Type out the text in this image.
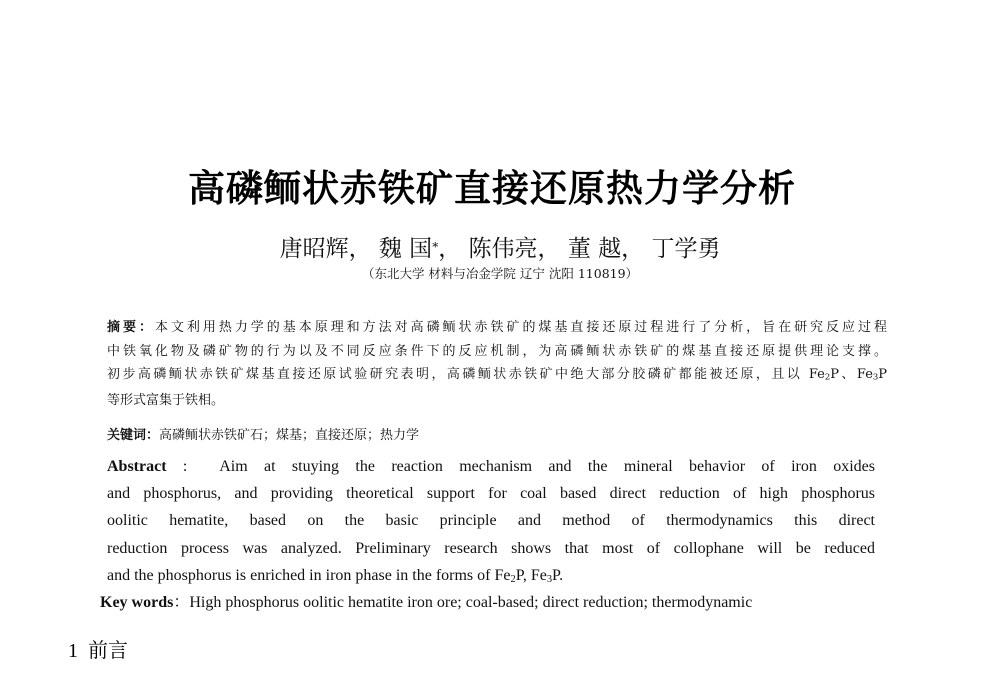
高磷鲕状赤铁矿直接还原热力学分析
唐昭辉， 魏 国*， 陈伟亮， 董 越， 丁学勇
（东北大学 材料与冶金学院 辽宁 沈阳 110819）
摘要：本文利用热力学的基本原理和方法对高磷鲕状赤铁矿的煤基直接还原过程进行了分析，旨在研究反应过程
中铁氧化物及磷矿物的行为以及不同反应条件下的反应机制，为高磷鲕状赤铁矿的煤基直接还原提供理论支撑。
初步高磷鲕状赤铁矿煤基直接还原试验研究表明，高磷鲕状赤铁矿中绝大部分胶磷矿都能被还原，且以 $Fe_2P$、$Fe_3P$
等形式富集于铁相。
关键词：高磷鲕状赤铁矿石；煤基；直接还原；热力学
Abstract :  Aim at stuying the reaction mechanism and the mineral behavior of iron oxides
and phosphorus, and providing theoretical support for coal based direct reduction of high phosphorus
oolitic hematite, based on the basic principle and method of thermodynamics this direct
reduction process was analyzed. Preliminary research shows that most of collophane will be reduced
and the phosphorus is enriched in iron phase in the forms of $Fe_2P$, $Fe_3P$.
Key words：High phosphorus oolitic hematite iron ore; coal-based; direct reduction; thermodynamic
1 前言
